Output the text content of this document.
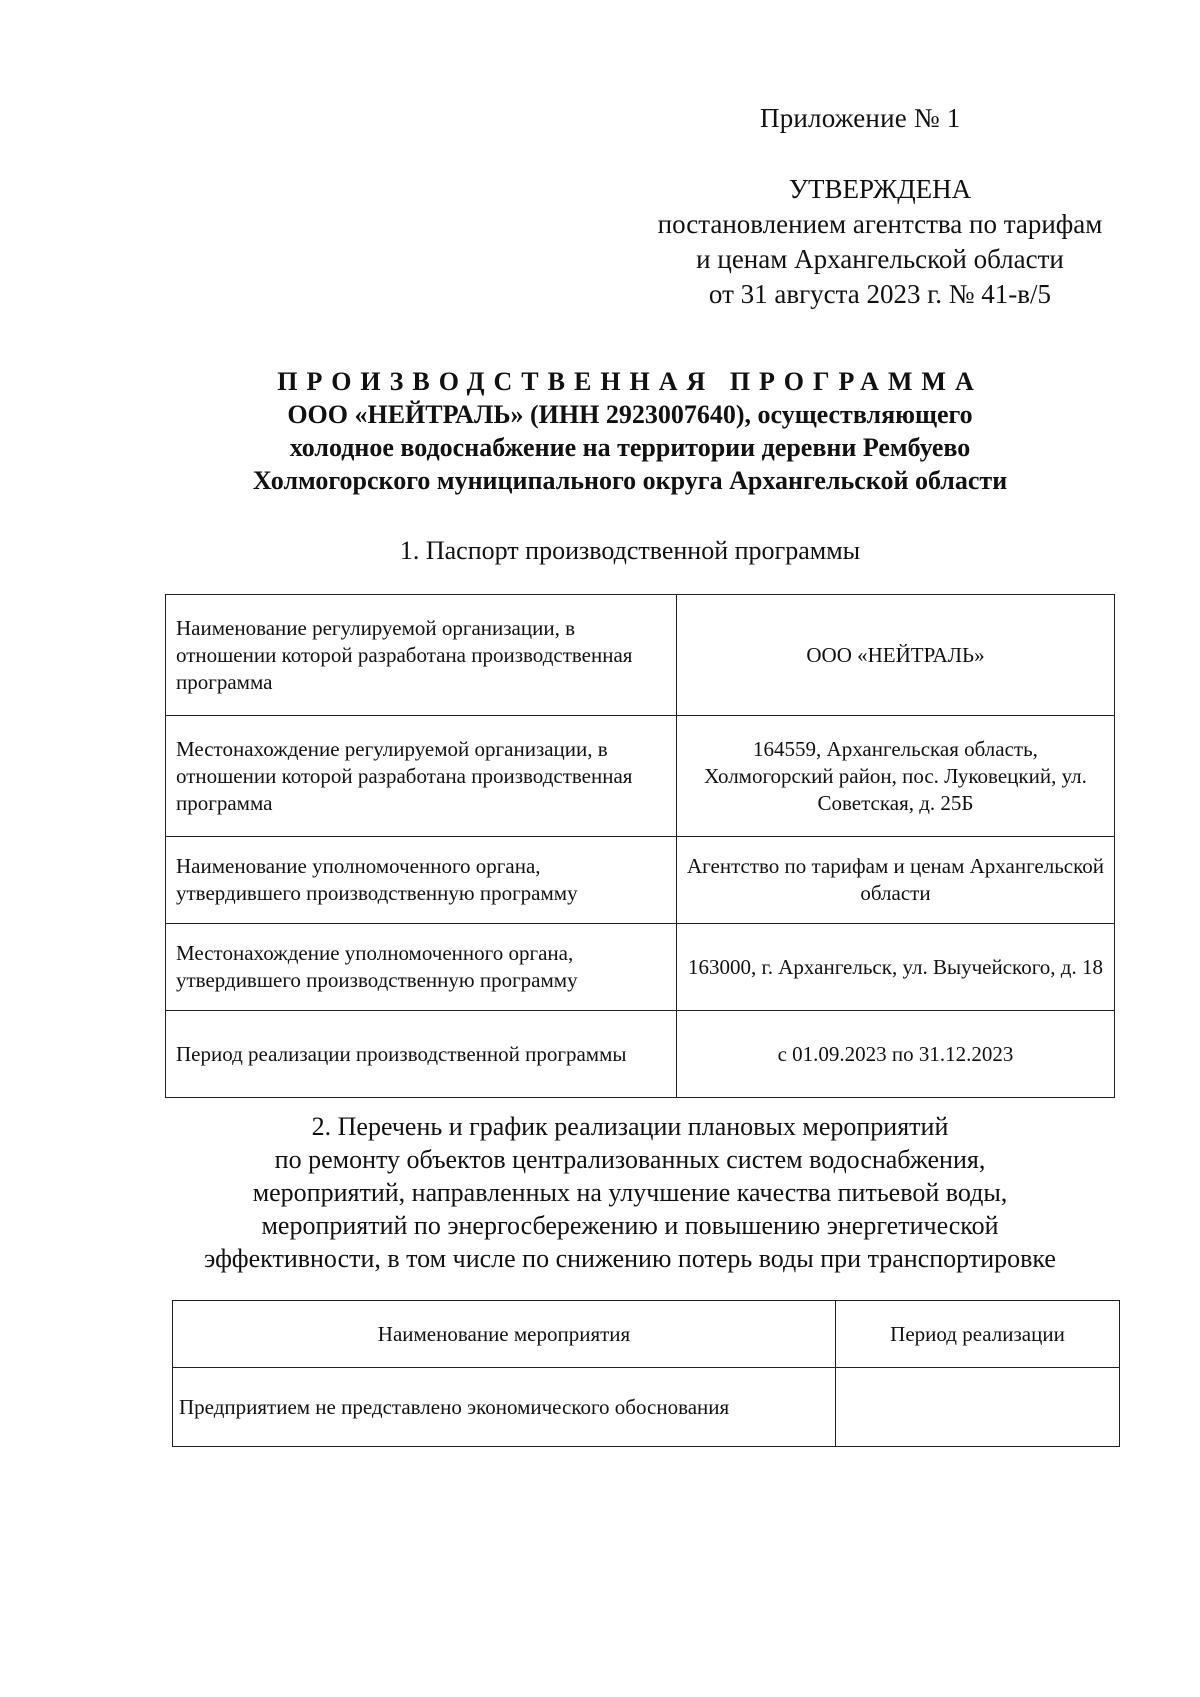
Приложение № 1
УТВЕРЖДЕНА
постановлением агентства по тарифам
и ценам Архангельской области
от 31 августа 2023 г. № 41-в/5
ПРОИЗВОДСТВЕННАЯ ПРОГРАММА
ООО «НЕЙТРАЛЬ» (ИНН 2923007640), осуществляющего
холодное водоснабжение на территории деревни Рембуево
Холмогорского муниципального округа Архангельской области
1. Паспорт производственной программы
Наименование регулируемой организации, в отношении которой разработана производственная программа	ООО «НЕЙТРАЛЬ»
Местонахождение регулируемой организации, в отношении которой разработана производственная программа	164559, Архангельская область, Холмогорский район, пос. Луковецкий, ул. Советская, д. 25Б
Наименование уполномоченного органа, утвердившего производственную программу	Агентство по тарифам и ценам Архангельской области
Местонахождение уполномоченного органа, утвердившего производственную программу	163000, г. Архангельск, ул. Выучейского, д. 18
Период реализации производственной программы	с 01.09.2023 по 31.12.2023
2. Перечень и график реализации плановых мероприятий
по ремонту объектов централизованных систем водоснабжения,
мероприятий, направленных на улучшение качества питьевой воды,
мероприятий по энергосбережению и повышению энергетической
эффективности, в том числе по снижению потерь воды при транспортировке
Наименование мероприятия	Период реализации
Предприятием не представлено экономического обоснования	
